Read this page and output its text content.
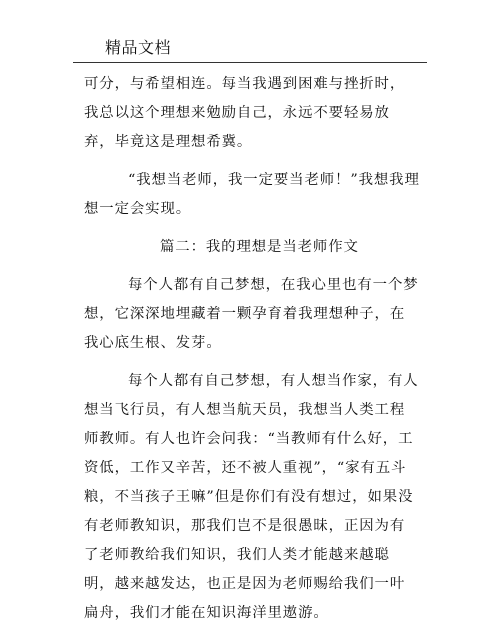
精品文档

可分，与希望相连。每当我遇到困难与挫折时，我总以这个理想来勉励自己，永远不要轻易放弃，毕竟这是理想希冀。

“我想当老师，我一定要当老师！”我想我理想一定会实现。

篇二：我的理想是当老师作文

每个人都有自己梦想，在我心里也有一个梦想，它深深地埋藏着一颗孕育着我理想种子，在我心底生根、发芽。

每个人都有自己梦想，有人想当作家，有人想当飞行员，有人想当航天员，我想当人类工程师教师。有人也许会问我：“当教师有什么好，工资低，工作又辛苦，还不被人重视”，“家有五斗粮，不当孩子王嘛”但是你们有没有想过，如果没有老师教知识，那我们岂不是很愚昧，正因为有了老师教给我们知识，我们人类才能越来越聪明，越来越发达，也正是因为老师赐给我们一叶扁舟，我们才能在知识海洋里遨游。
